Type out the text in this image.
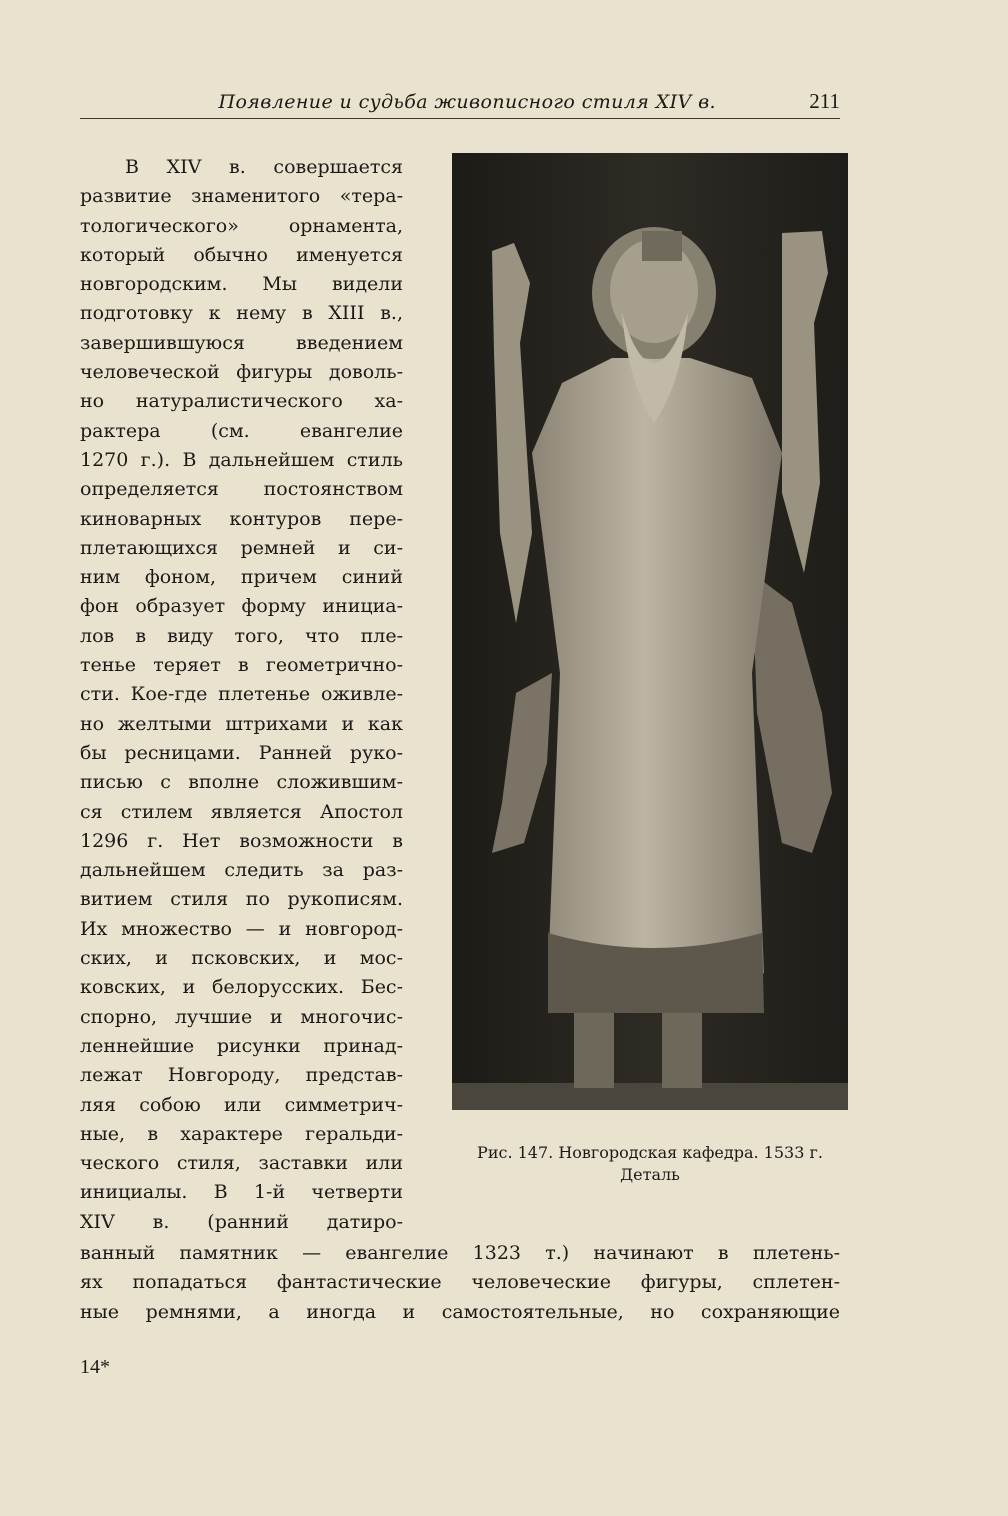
Появление и судьба живописного стиля XIV в.	211
В XIV в. совершается
развитие знаменитого «тера-
тологического» орнамента,
который обычно именуется
новгородским. Мы видели
подготовку к нему в XIII в.,
завершившуюся введением
человеческой фигуры доволь-
но натуралистического ха-
рактера (см. евангелие
1270 г.). В дальнейшем стиль
определяется постоянством
киноварных контуров пере-
плетающихся ремней и си-
ним фоном, причем синий
фон образует форму инициа-
лов в виду того, что пле-
тенье теряет в геометрично-
сти. Кое-где плетенье оживле-
но желтыми штрихами и как
бы ресницами. Ранней руко-
писью с вполне сложившим-
ся стилем является Апостол
1296 г. Нет возможности в
дальнейшем следить за раз-
витием стиля по рукописям.
Их множество — и новгород-
ских, и псковских, и мос-
ковских, и белорусских. Бес-
спорно, лучшие и многочис-
леннейшие рисунки принад-
лежат Новгороду, представ-
ляя собою или симметрич-
ные, в характере геральди-
ческого стиля, заставки или
инициалы. В 1-й четверти
XIV в. (ранний датиро-
Рис. 147. Новгородская кафедра. 1533 г.
Деталь
ванный памятник — евангелие 1323 т.) начинают в плетень-
ях попадаться фантастические человеческие фигуры, сплетен-
ные ремнями, а иногда и самостоятельные, но сохраняющие
14*
